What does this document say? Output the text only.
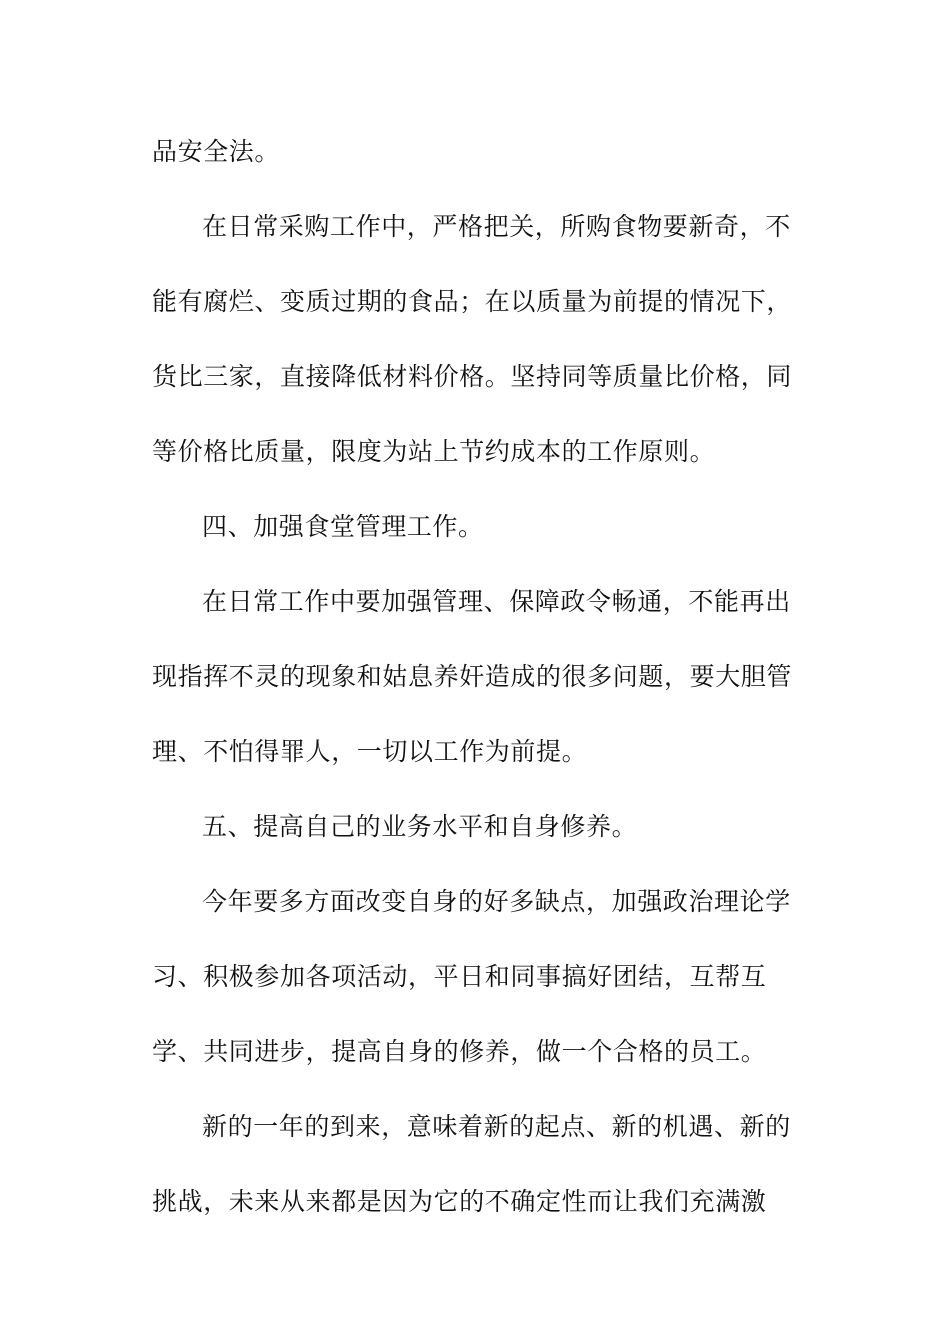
品安全法。
在日常采购工作中，严格把关，所购食物要新奇，不
能有腐烂、变质过期的食品；在以质量为前提的情况下，
货比三家，直接降低材料价格。坚持同等质量比价格，同
等价格比质量，限度为站上节约成本的工作原则。
四、加强食堂管理工作。
在日常工作中要加强管理、保障政令畅通，不能再出
现指挥不灵的现象和姑息养奸造成的很多问题，要大胆管
理、不怕得罪人，一切以工作为前提。
五、提高自己的业务水平和自身修养。
今年要多方面改变自身的好多缺点，加强政治理论学
习、积极参加各项活动，平日和同事搞好团结，互帮互
学、共同进步，提高自身的修养，做一个合格的员工。
新的一年的到来，意味着新的起点、新的机遇、新的
挑战，未来从来都是因为它的不确定性而让我们充满激
